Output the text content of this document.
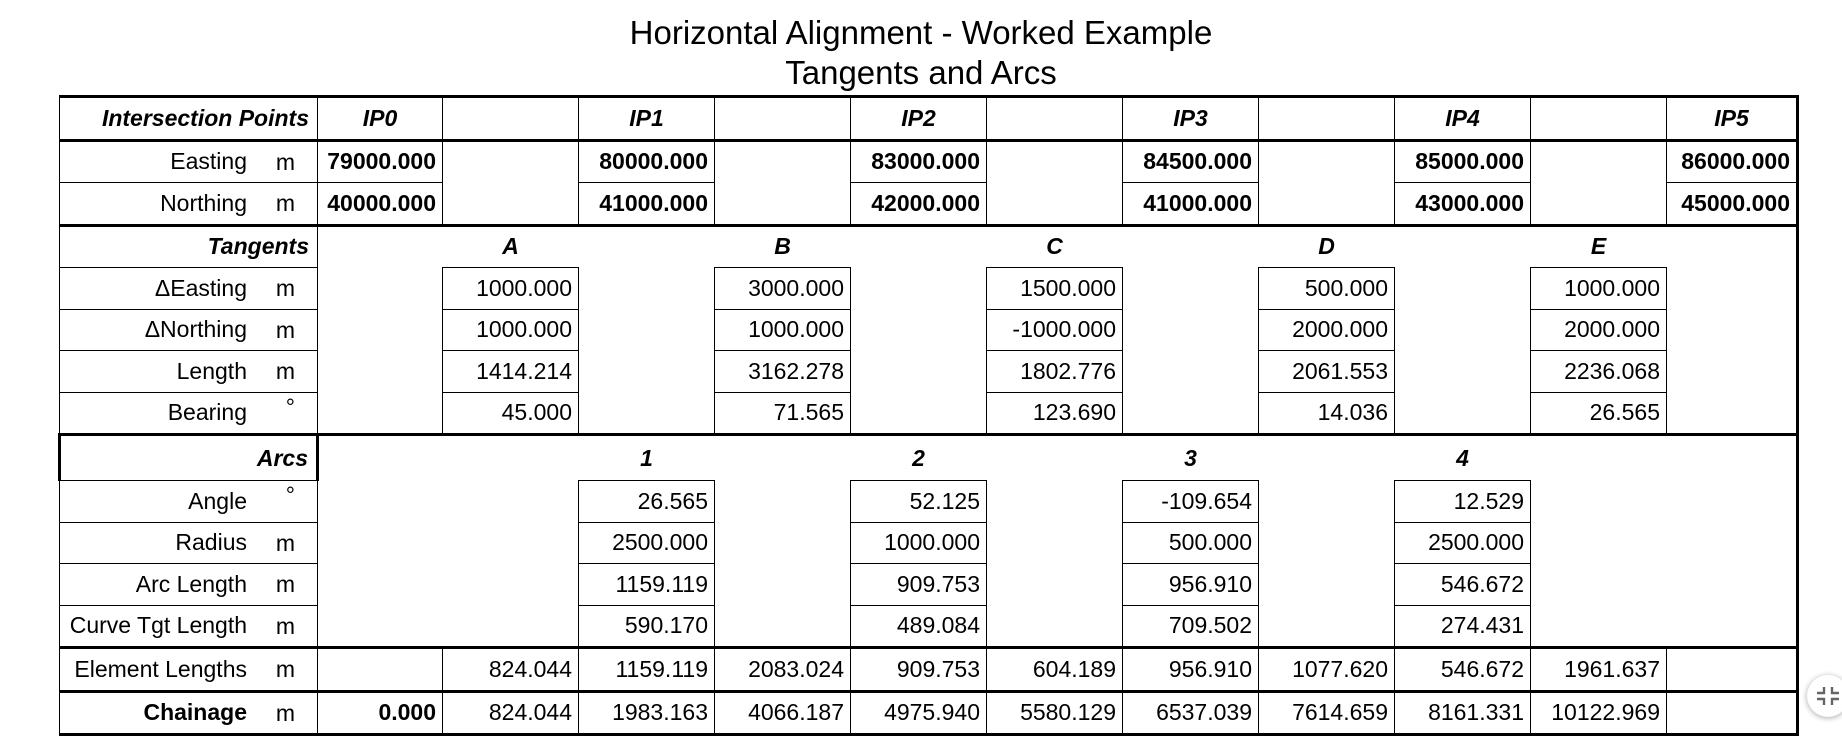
Horizontal Alignment - Worked Example
Tangents and Arcs
Intersection Points	IP0		IP1		IP2		IP3		IP4		IP5
Easting m	79000.000		80000.000		83000.000		84500.000		85000.000		86000.000
Northing m	40000.000		41000.000		42000.000		41000.000		43000.000		45000.000
Tangents		A		B		C		D		E	
ΔEasting m		1000.000		3000.000		1500.000		500.000		1000.000	
ΔNorthing m		1000.000		1000.000		-1000.000		2000.000		2000.000	
Length m		1414.214		3162.278		1802.776		2061.553		2236.068	
Bearing °		45.000		71.565		123.690		14.036		26.565	
Arcs			1		2		3		4		
Angle °			26.565		52.125		-109.654		12.529		
Radius m			2500.000		1000.000		500.000		2500.000		
Arc Length m			1159.119		909.753		956.910		546.672		
Curve Tgt Length m			590.170		489.084		709.502		274.431		
Element Lengths m		824.044	1159.119	2083.024	909.753	604.189	956.910	1077.620	546.672	1961.637	
Chainage m	0.000	824.044	1983.163	4066.187	4975.940	5580.129	6537.039	7614.659	8161.331	10122.969	
